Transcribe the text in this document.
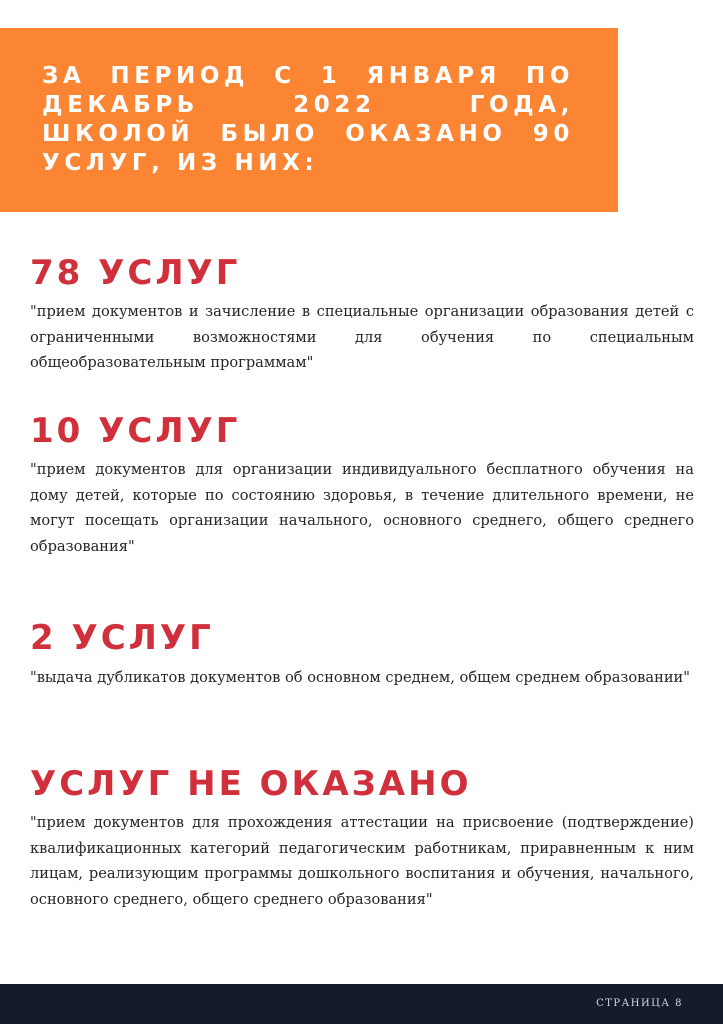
ЗА ПЕРИОД С 1 ЯНВАРЯ ПО ДЕКАБРЬ 2022 ГОДА, ШКОЛОЙ БЫЛО ОКАЗАНО 90 УСЛУГ, ИЗ НИХ:

78 УСЛУГ

"прием документов и зачисление в специальные организации образования детей с ограниченными возможностями для обучения по специальным общеобразовательным программам"

10 УСЛУГ

"прием документов для организации индивидуального бесплатного обучения на дому детей, которые по состоянию здоровья, в течение длительного времени, не могут посещать организации начального, основного среднего, общего среднего образования"

2 УСЛУГ

"выдача дубликатов документов об основном среднем, общем среднем образовании"

УСЛУГ НЕ ОКАЗАНО

"прием документов для прохождения аттестации на присвоение (подтверждение) квалификационных категорий педагогическим работникам, приравненным к ним лицам, реализующим программы дошкольного воспитания и обучения, начального, основного среднего, общего среднего образования"

СТРАНИЦА 8
